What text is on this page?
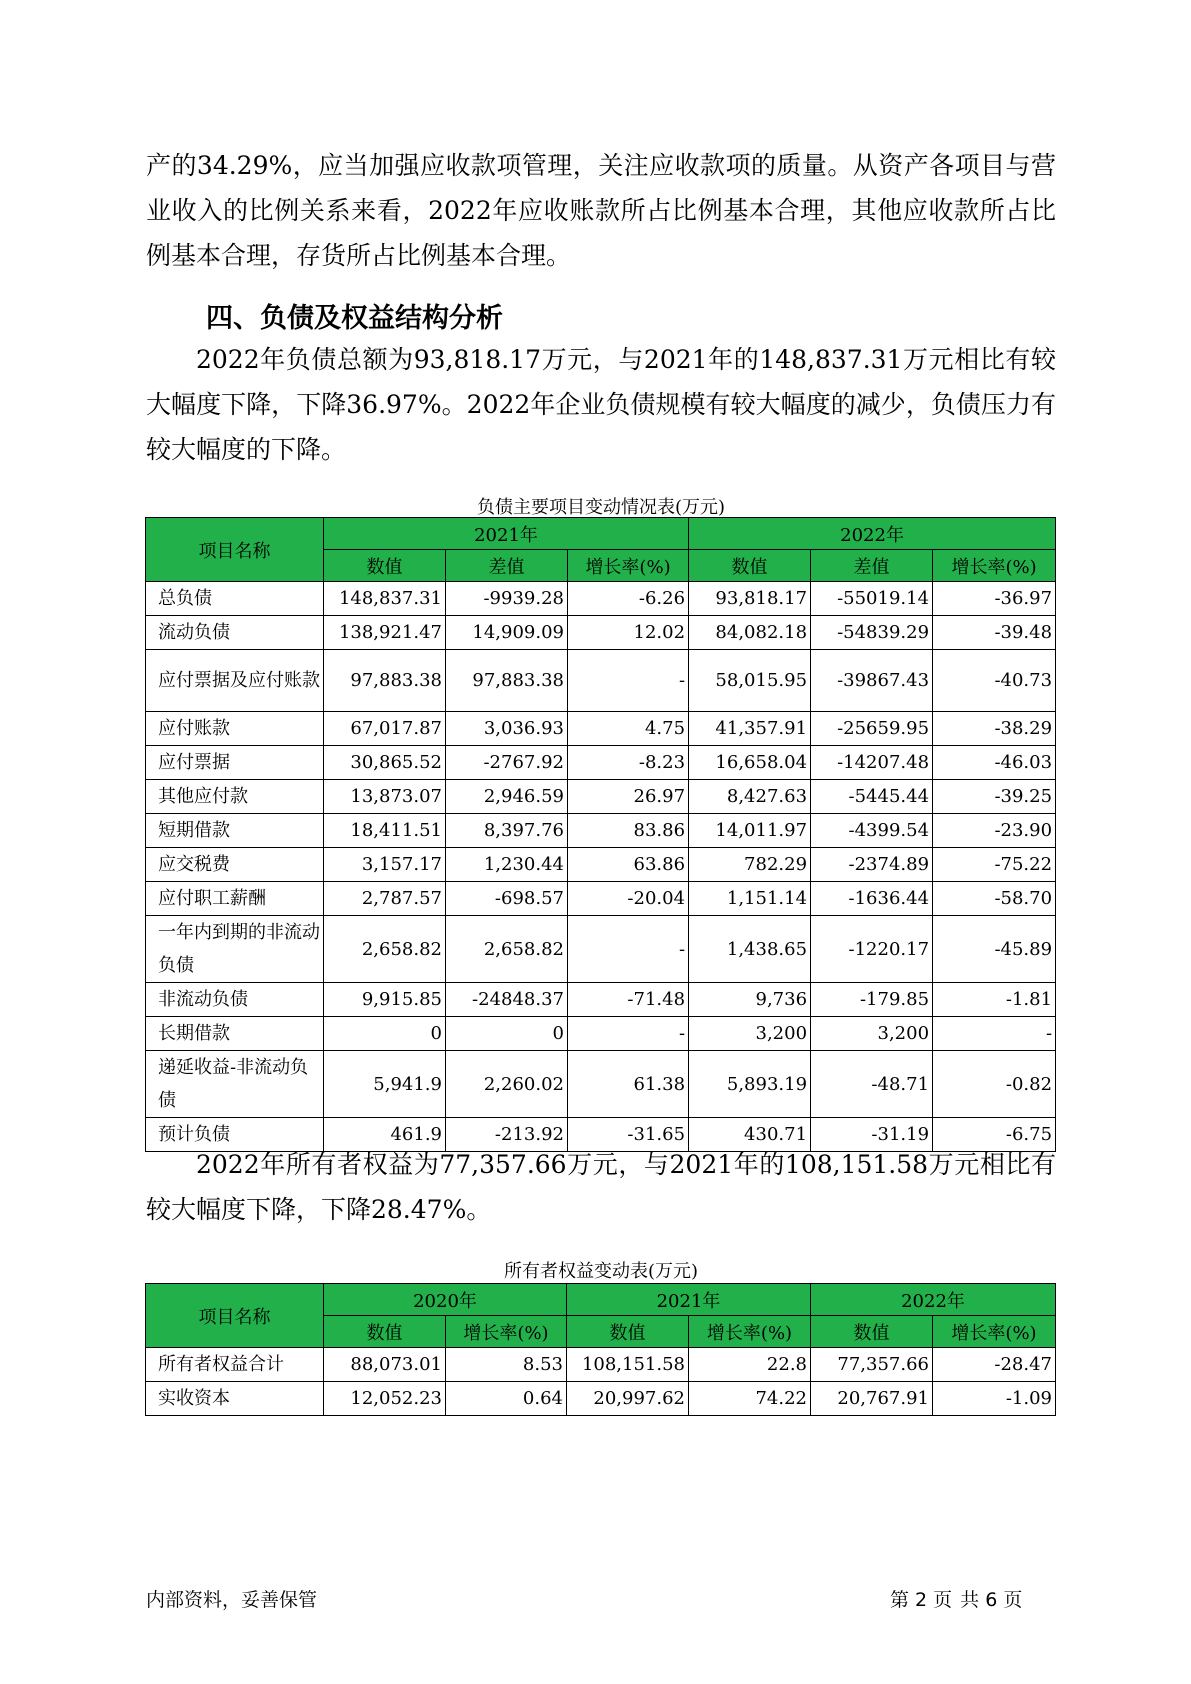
产的34.29%，应当加强应收款项管理，关注应收款项的质量。从资产各项目与营业收入的比例关系来看，2022年应收账款所占比例基本合理，其他应收款所占比例基本合理，存货所占比例基本合理。

四、负债及权益结构分析

2022年负债总额为93,818.17万元，与2021年的148,837.31万元相比有较大幅度下降，下降36.97%。2022年企业负债规模有较大幅度的减少，负债压力有较大幅度的下降。

负债主要项目变动情况表(万元)

项目名称	2021年			2022年		
	数值	差值	增长率(%)	数值	差值	增长率(%)
总负债	148,837.31	-9939.28	-6.26	93,818.17	-55019.14	-36.97
流动负债	138,921.47	14,909.09	12.02	84,082.18	-54839.29	-39.48
应付票据及应付账款	97,883.38	97,883.38	-	58,015.95	-39867.43	-40.73
应付账款	67,017.87	3,036.93	4.75	41,357.91	-25659.95	-38.29
应付票据	30,865.52	-2767.92	-8.23	16,658.04	-14207.48	-46.03
其他应付款	13,873.07	2,946.59	26.97	8,427.63	-5445.44	-39.25
短期借款	18,411.51	8,397.76	83.86	14,011.97	-4399.54	-23.90
应交税费	3,157.17	1,230.44	63.86	782.29	-2374.89	-75.22
应付职工薪酬	2,787.57	-698.57	-20.04	1,151.14	-1636.44	-58.70
一年内到期的非流动负债	2,658.82	2,658.82	-	1,438.65	-1220.17	-45.89
非流动负债	9,915.85	-24848.37	-71.48	9,736	-179.85	-1.81
长期借款	0	0	-	3,200	3,200	-
递延收益-非流动负债	5,941.9	2,260.02	61.38	5,893.19	-48.71	-0.82
预计负债	461.9	-213.92	-31.65	430.71	-31.19	-6.75

2022年所有者权益为77,357.66万元，与2021年的108,151.58万元相比有较大幅度下降，下降28.47%。

所有者权益变动表(万元)

项目名称	2020年		2021年		2022年	
	数值	增长率(%)	数值	增长率(%)	数值	增长率(%)
所有者权益合计	88,073.01	8.53	108,151.58	22.8	77,357.66	-28.47
实收资本	12,052.23	0.64	20,997.62	74.22	20,767.91	-1.09

内部资料，妥善保管	第 2 页 共 6 页
